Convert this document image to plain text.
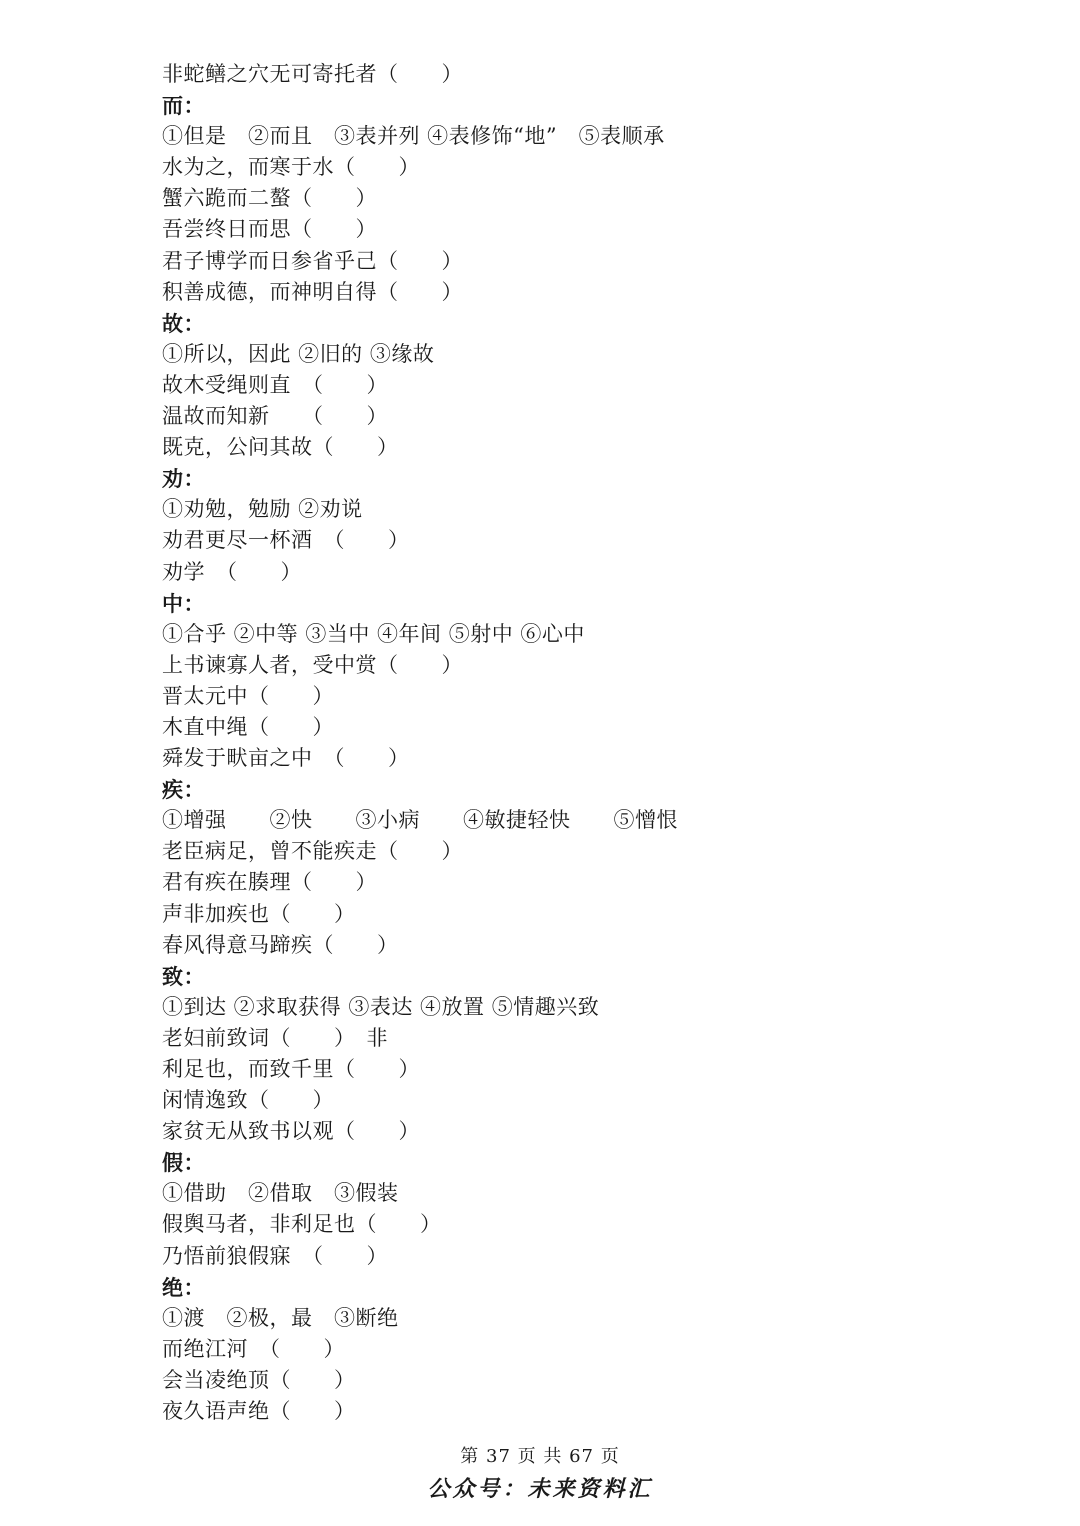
非蛇鳝之穴无可寄托者（　　）
而：
①但是　②而且　③表并列 ④表修饰“地”　⑤表顺承
水为之，而寒于水（　　）
蟹六跪而二螯（　　）
吾尝终日而思（　　）
君子博学而日参省乎己（　　）
积善成德，而神明自得（　　）
故：
①所以，因此 ②旧的 ③缘故
故木受绳则直　（　　）
温故而知新　　（　　）
既克，公问其故（　　）
劝：
①劝勉，勉励 ②劝说
劝君更尽一杯酒　（　　）
劝学　（　　）
中：
①合乎 ②中等 ③当中 ④年间 ⑤射中 ⑥心中
上书谏寡人者，受中赏（　　）
晋太元中（　　）
木直中绳（　　）
舜发于畎亩之中　（　　）
疾：
①增强　　②快　　③小病　　④敏捷轻快　　⑤憎恨
老臣病足，曾不能疾走（　　）
君有疾在腠理（　　）
声非加疾也（　　）
春风得意马蹄疾（　　）
致：
①到达 ②求取获得 ③表达 ④放置 ⑤情趣兴致
老妇前致词（　　）　非
利足也，而致千里（　　）
闲情逸致（　　）
家贫无从致书以观（　　）
假：
①借助　②借取　③假装
假舆马者，非利足也（　　）
乃悟前狼假寐　（　　）
绝：
①渡　②极，最　③断绝
而绝江河　（　　）
会当凌绝顶（　　）
夜久语声绝（　　）
第 37 页 共 67 页
公众号：未来资料汇
